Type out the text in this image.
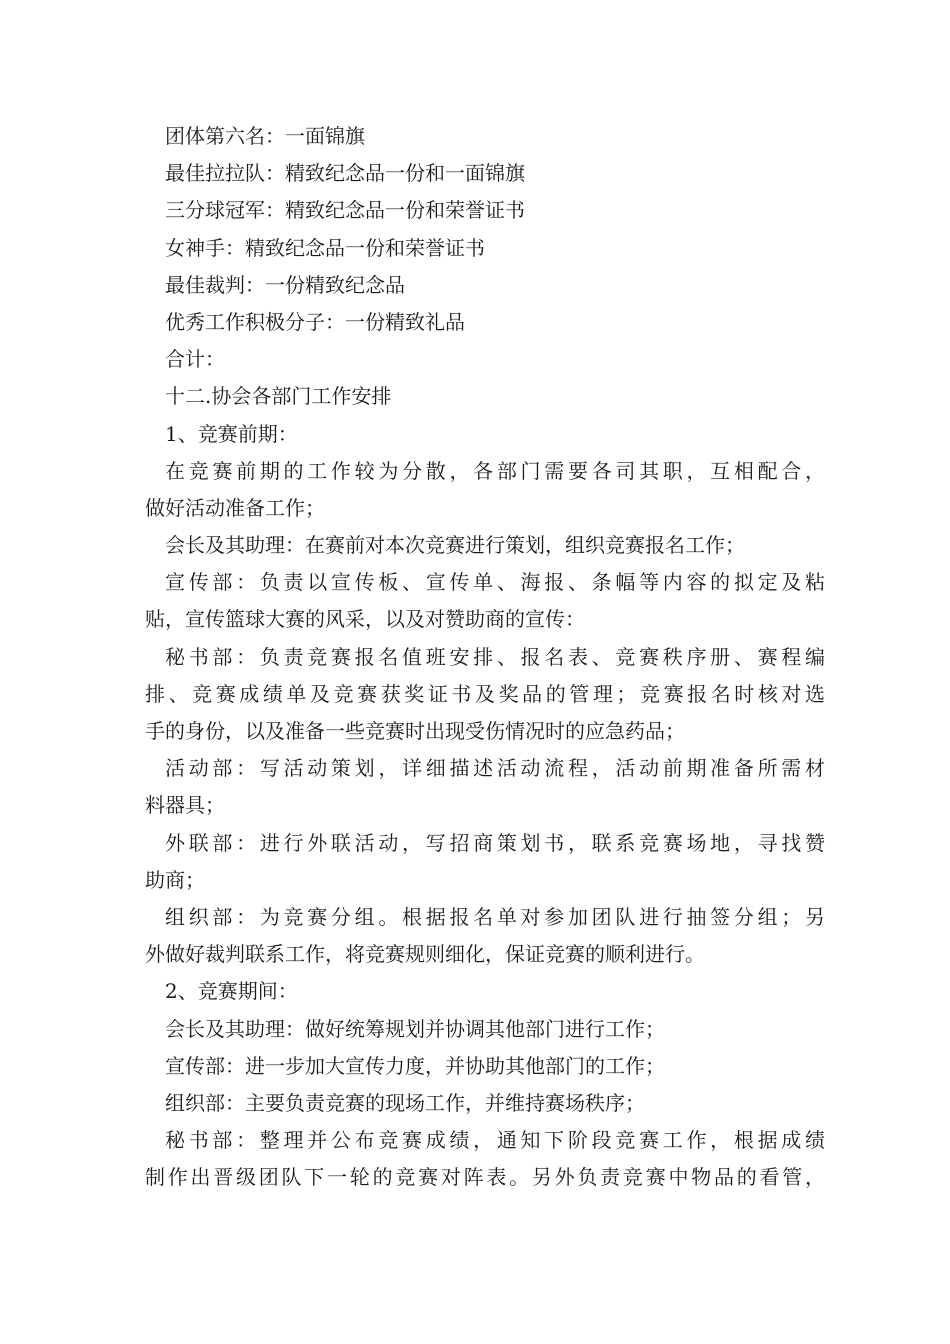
团体第六名：一面锦旗
最佳拉拉队：精致纪念品一份和一面锦旗
三分球冠军：精致纪念品一份和荣誉证书
女神手：精致纪念品一份和荣誉证书
最佳裁判：一份精致纪念品
优秀工作积极分子：一份精致礼品
合计：
十二.协会各部门工作安排
1、竞赛前期：
在竞赛前期的工作较为分散，各部门需要各司其职，互相配合，
做好活动准备工作；
会长及其助理：在赛前对本次竞赛进行策划，组织竞赛报名工作；
宣传部：负责以宣传板、宣传单、海报、条幅等内容的拟定及粘
贴，宣传篮球大赛的风采，以及对赞助商的宣传：
秘书部：负责竞赛报名值班安排、报名表、竞赛秩序册、赛程编
排、竞赛成绩单及竞赛获奖证书及奖品的管理；竞赛报名时核对选
手的身份，以及准备一些竞赛时出现受伤情况时的应急药品；
活动部：写活动策划，详细描述活动流程，活动前期准备所需材
料器具；
外联部：进行外联活动，写招商策划书，联系竞赛场地，寻找赞
助商；
组织部：为竞赛分组。根据报名单对参加团队进行抽签分组；另
外做好裁判联系工作，将竞赛规则细化，保证竞赛的顺利进行。
2、竞赛期间：
会长及其助理：做好统筹规划并协调其他部门进行工作；
宣传部：进一步加大宣传力度，并协助其他部门的工作；
组织部：主要负责竞赛的现场工作，并维持赛场秩序；
秘书部：整理并公布竞赛成绩，通知下阶段竞赛工作，根据成绩
制作出晋级团队下一轮的竞赛对阵表。另外负责竞赛中物品的看管，
